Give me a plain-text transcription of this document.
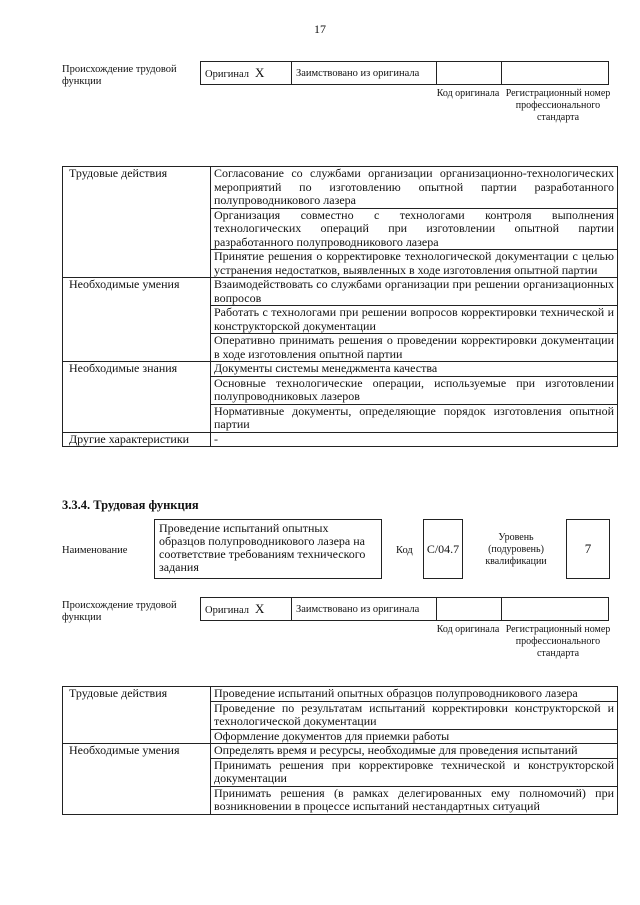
17
Происхождение трудовой функции
Оригинал X	Заимствовано из оригинала		
Код оригинала Регистрационный номер профессионального стандарта
Трудовые действия	Согласование со службами организации организационно-технологических мероприятий по изготовлению опытной партии разработанного полупроводникового лазера

	Организация совместно с технологами контроля выполнения технологических операций при изготовлении опытной партии разработанного полупроводникового лазера

	Принятие решения о корректировке технологической документации с целью устранения недостатков, выявленных в ходе изготовления опытной партии

Необходимые умения	Взаимодействовать со службами организации при решении организационных вопросов

	Работать с технологами при решении вопросов корректировки технической и конструкторской документации

	Оперативно принимать решения о проведении корректировки документации в ходе изготовления опытной партии

Необходимые знания	Документы системы менеджмента качества

	Основные технологические операции, используемые при изготовлении полупроводниковых лазеров

	Нормативные документы, определяющие порядок изготовления опытной партии

Другие характеристики	-
3.3.4. Трудовая функция
Наименование
Проведение испытаний опытных образцов полупроводникового лазера на соответствие требованиям технического задания
Код C/04.7
Уровень (подуровень) квалификации
7
Происхождение трудовой функции
Оригинал X	Заимствовано из оригинала		
Код оригинала Регистрационный номер профессионального стандарта
Трудовые действия	Проведение испытаний опытных образцов полупроводникового лазера

	Проведение по результатам испытаний корректировки конструкторской и технологической документации

	Оформление документов для приемки работы

Необходимые умения	Определять время и ресурсы, необходимые для проведения испытаний

	Принимать решения при корректировке технической и конструкторской документации

	Принимать решения (в рамках делегированных ему полномочий) при возникновении в процессе испытаний нестандартных ситуаций
